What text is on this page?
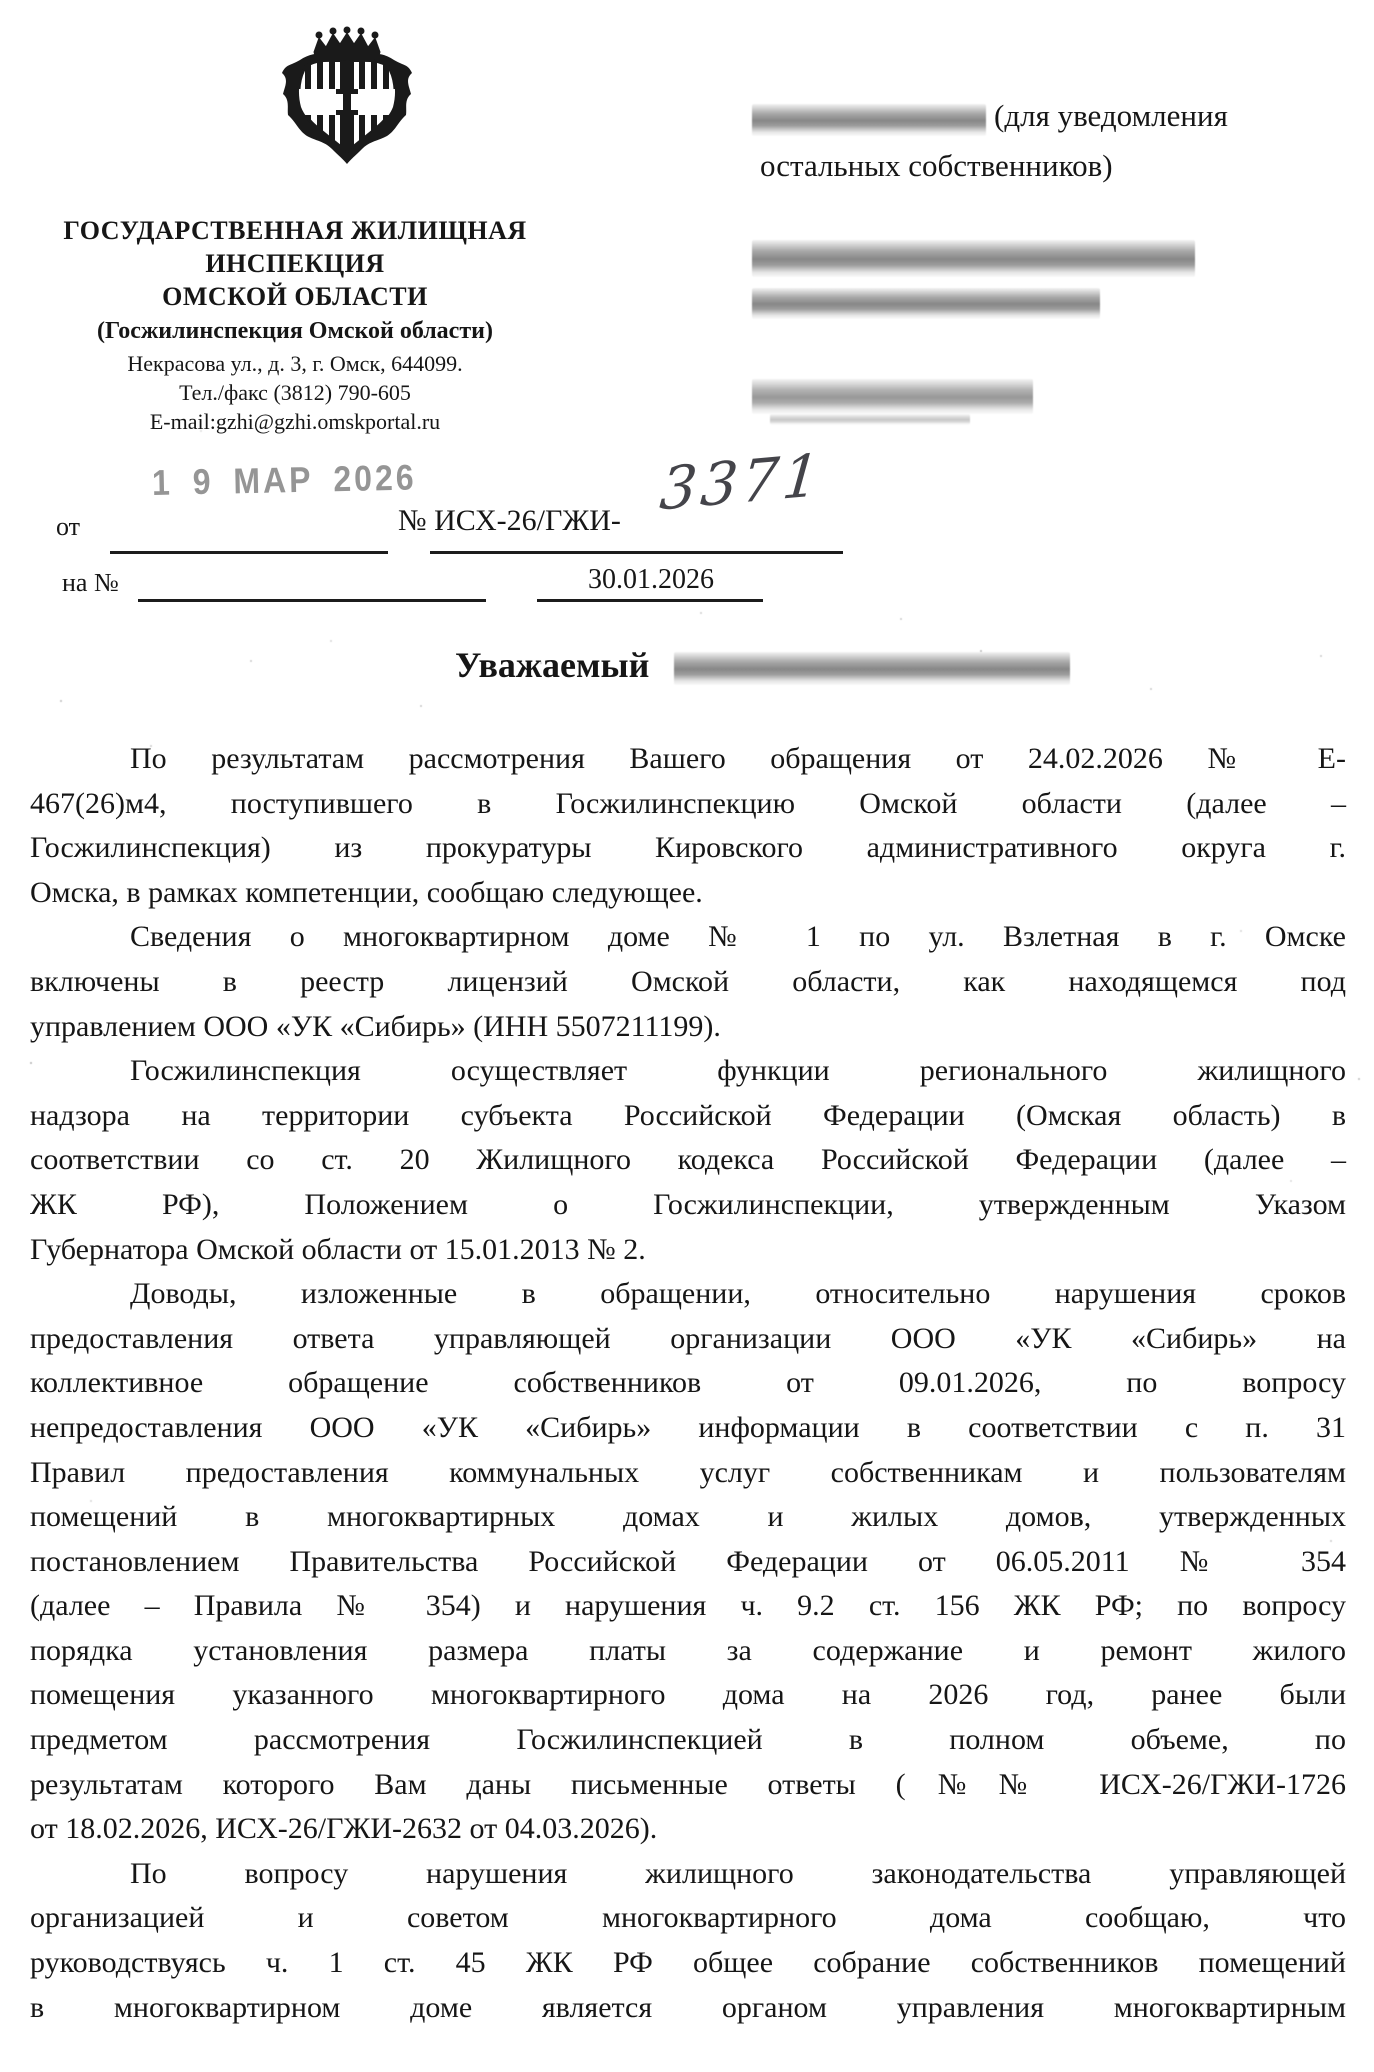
ГОСУДАРСТВЕННАЯ ЖИЛИЩНАЯ
ИНСПЕКЦИЯ
ОМСКОЙ ОБЛАСТИ
(Госжилинспекция Омской области)
Некрасова ул., д. 3, г. Омск, 644099.
Тел./факс (3812) 790-605
E-mail:gzhi@gzhi.omskportal.ru
(для уведомления
остальных собственников)
1 9 МАР 2026
от	№ ИСХ-26/ГЖИ- 3371
на №	30.01.2026
Уважаемый
По результатам рассмотрения Вашего обращения от 24.02.2026 № Е-
467(26)м4, поступившего в Госжилинспекцию Омской области (далее –
Госжилинспекция) из прокуратуры Кировского административного округа г.
Омска, в рамках компетенции, сообщаю следующее.
Сведения о многоквартирном доме № 1 по ул. Взлетная в г. Омске
включены в реестр лицензий Омской области, как находящемся под
управлением ООО «УК «Сибирь» (ИНН 5507211199).
Госжилинспекция осуществляет функции регионального жилищного
надзора на территории субъекта Российской Федерации (Омская область) в
соответствии со ст. 20 Жилищного кодекса Российской Федерации (далее –
ЖК РФ), Положением о Госжилинспекции, утвержденным Указом
Губернатора Омской области от 15.01.2013 № 2.
Доводы, изложенные в обращении, относительно нарушения сроков
предоставления ответа управляющей организации ООО «УК «Сибирь» на
коллективное обращение собственников от 09.01.2026, по вопросу
непредоставления ООО «УК «Сибирь» информации в соответствии с п. 31
Правил предоставления коммунальных услуг собственникам и пользователям
помещений в многоквартирных домах и жилых домов, утвержденных
постановлением Правительства Российской Федерации от 06.05.2011 № 354
(далее – Правила № 354) и нарушения ч. 9.2 ст. 156 ЖК РФ; по вопросу
порядка установления размера платы за содержание и ремонт жилого
помещения указанного многоквартирного дома на 2026 год, ранее были
предметом рассмотрения Госжилинспекцией в полном объеме, по
результатам которого Вам даны письменные ответы (№№ ИСХ-26/ГЖИ-1726
от 18.02.2026, ИСХ-26/ГЖИ-2632 от 04.03.2026).
По вопросу нарушения жилищного законодательства управляющей
организацией и советом многоквартирного дома сообщаю, что
руководствуясь ч. 1 ст. 45 ЖК РФ общее собрание собственников помещений
в многоквартирном доме является органом управления многоквартирным
